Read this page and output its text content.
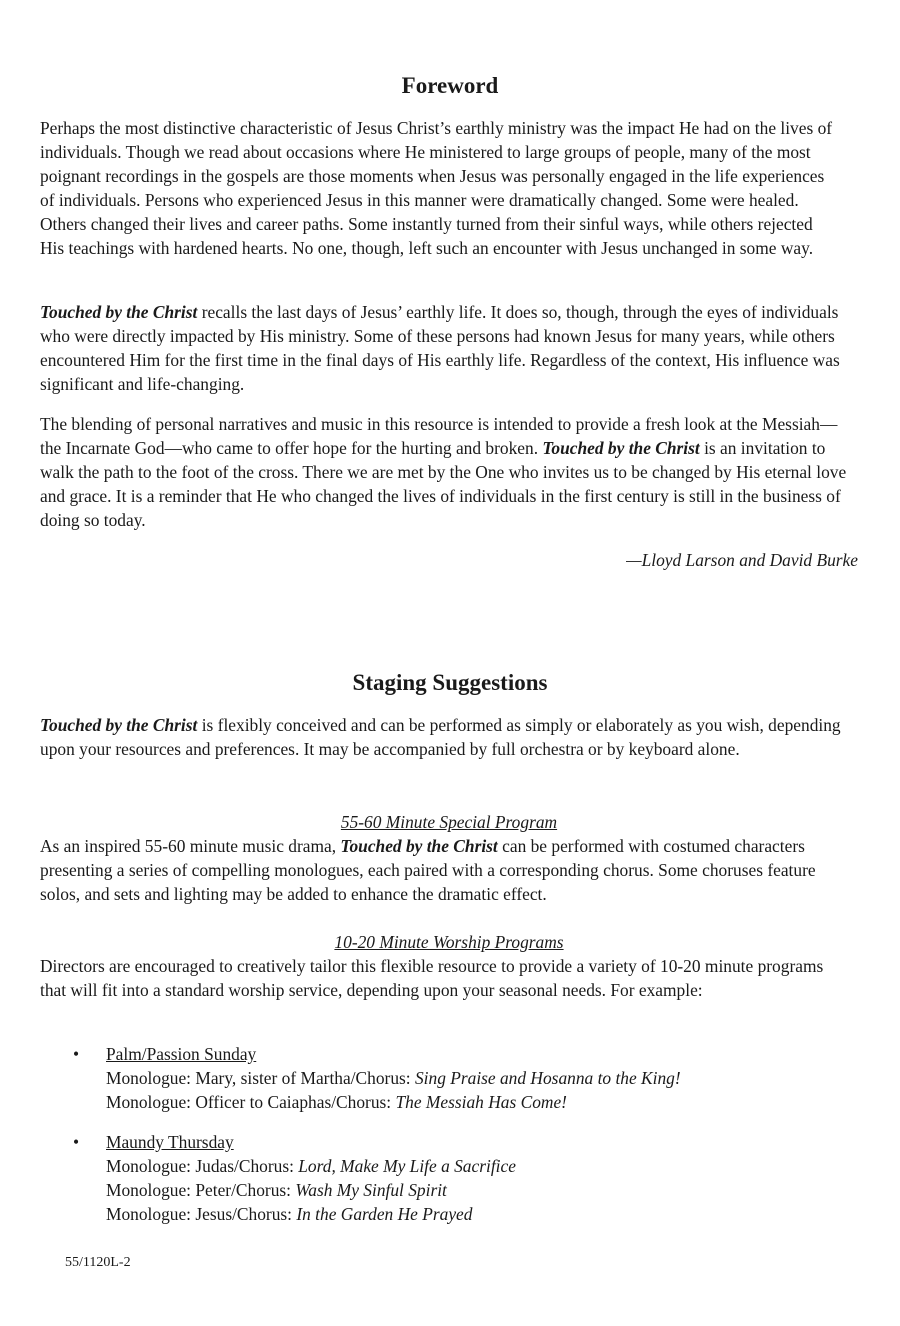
Foreword

Perhaps the most distinctive characteristic of Jesus Christ’s earthly ministry was the impact He had on the lives of individuals. Though we read about occasions where He ministered to large groups of people, many of the most poignant recordings in the gospels are those moments when Jesus was personally engaged in the life experiences of individuals. Persons who experienced Jesus in this manner were dramatically changed. Some were healed. Others changed their lives and career paths. Some instantly turned from their sinful ways, while others rejected His teachings with hardened hearts. No one, though, left such an encounter with Jesus unchanged in some way.

Touched by the Christ recalls the last days of Jesus’ earthly life. It does so, though, through the eyes of individuals who were directly impacted by His ministry. Some of these persons had known Jesus for many years, while others encountered Him for the first time in the final days of His earthly life. Regardless of the context, His influence was significant and life-changing.

The blending of personal narratives and music in this resource is intended to provide a fresh look at the Messiah—the Incarnate God—who came to offer hope for the hurting and broken. Touched by the Christ is an invitation to walk the path to the foot of the cross. There we are met by the One who invites us to be changed by His eternal love and grace. It is a reminder that He who changed the lives of individuals in the first century is still in the business of doing so today.

—Lloyd Larson and David Burke

Staging Suggestions

Touched by the Christ is flexibly conceived and can be performed as simply or elaborately as you wish, depending upon your resources and preferences. It may be accompanied by full orchestra or by keyboard alone.

55-60 Minute Special Program

As an inspired 55-60 minute music drama, Touched by the Christ can be performed with costumed characters presenting a series of compelling monologues, each paired with a corresponding chorus. Some choruses feature solos, and sets and lighting may be added to enhance the dramatic effect.

10-20 Minute Worship Programs

Directors are encouraged to creatively tailor this flexible resource to provide a variety of 10-20 minute programs that will fit into a standard worship service, depending upon your seasonal needs. For example:

• Palm/Passion Sunday
Monologue: Mary, sister of Martha/Chorus: Sing Praise and Hosanna to the King!
Monologue: Officer to Caiaphas/Chorus: The Messiah Has Come!
• Maundy Thursday
Monologue: Judas/Chorus: Lord, Make My Life a Sacrifice
Monologue: Peter/Chorus: Wash My Sinful Spirit
Monologue: Jesus/Chorus: In the Garden He Prayed
55/1120L-2
